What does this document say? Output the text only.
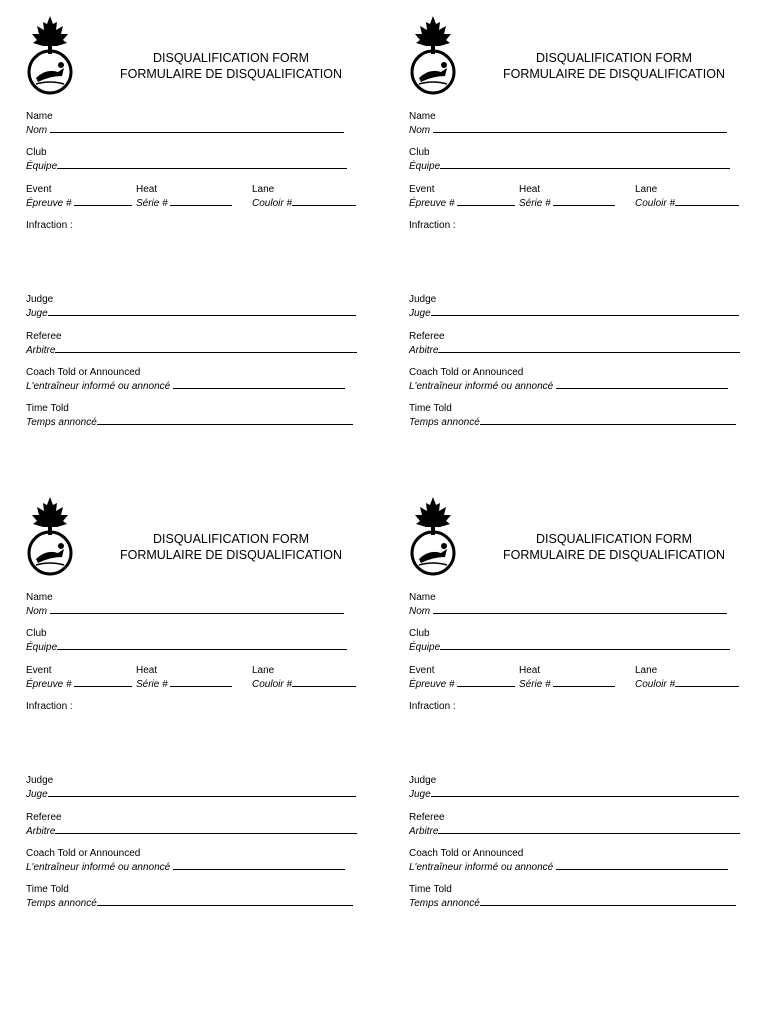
DISQUALIFICATION FORM
FORMULAIRE DE DISQUALIFICATION
Name
Nom
Club
Équipe
Event
Épreuve #
Heat
Série #
Lane
Couloir #
Infraction :
Judge
Juge
Referee
Arbitre
Coach Told or Announced
L'entraîneur informé ou annoncé
Time Told
Temps annoncé
DISQUALIFICATION FORM
FORMULAIRE DE DISQUALIFICATION
Name
Nom
Club
Équipe
Event
Épreuve #
Heat
Série #
Lane
Couloir #
Infraction :
Judge
Juge
Referee
Arbitre
Coach Told or Announced
L'entraîneur informé ou annoncé
Time Told
Temps annoncé
DISQUALIFICATION FORM
FORMULAIRE DE DISQUALIFICATION
Name
Nom
Club
Équipe
Event
Épreuve #
Heat
Série #
Lane
Couloir #
Infraction :
Judge
Juge
Referee
Arbitre
Coach Told or Announced
L'entraîneur informé ou annoncé
Time Told
Temps annoncé
DISQUALIFICATION FORM
FORMULAIRE DE DISQUALIFICATION
Name
Nom
Club
Équipe
Event
Épreuve #
Heat
Série #
Lane
Couloir #
Infraction :
Judge
Juge
Referee
Arbitre
Coach Told or Announced
L'entraîneur informé ou annoncé
Time Told
Temps annoncé
